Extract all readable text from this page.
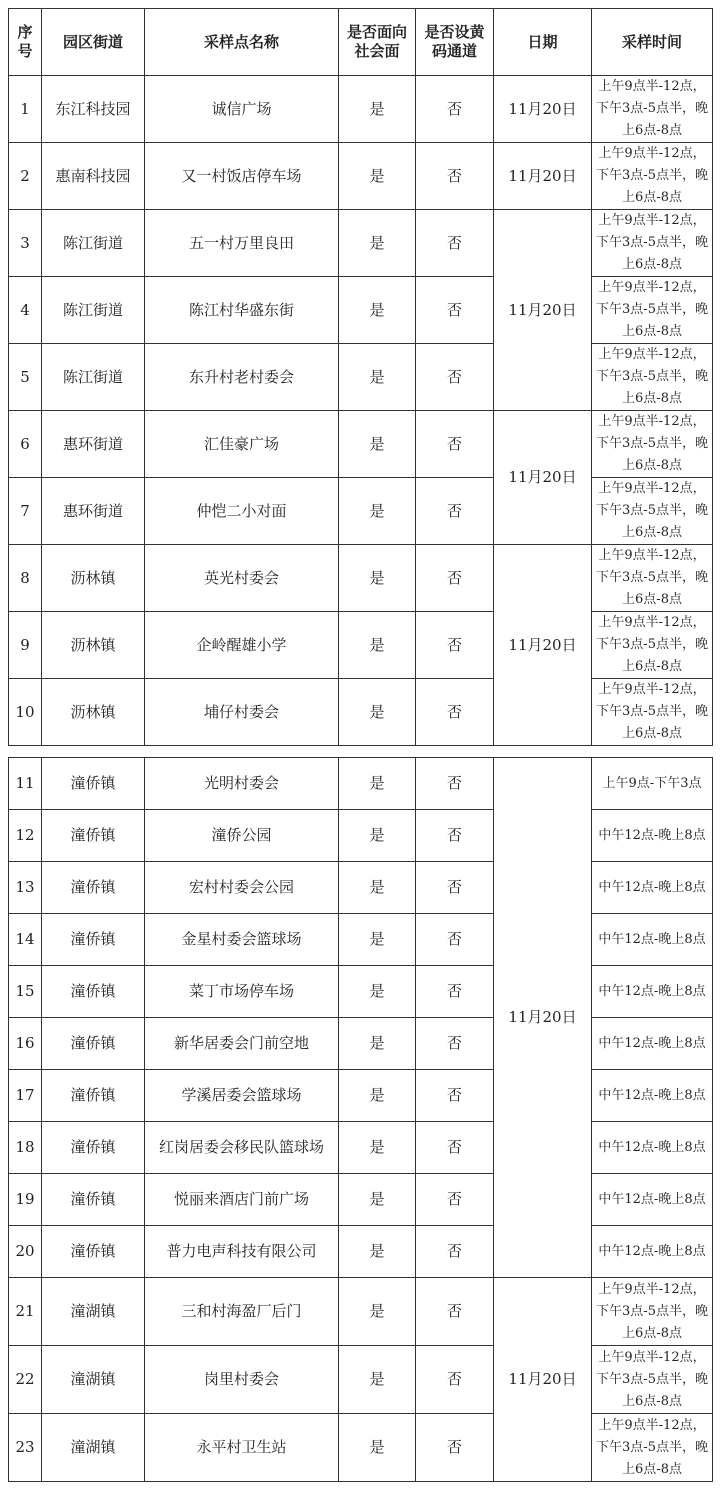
序号	园区街道	采样点名称	是否面向社会面	是否设黄码通道	日期	采样时间
1	东江科技园	诚信广场	是	否	11月20日	上午9点半-12点，下午3点-5点半，晚上6点-8点
2	惠南科技园	又一村饭店停车场	是	否	11月20日	上午9点半-12点，下午3点-5点半，晚上6点-8点
3	陈江街道	五一村万里良田	是	否	11月20日	上午9点半-12点，下午3点-5点半，晚上6点-8点
4	陈江街道	陈江村华盛东街	是	否		上午9点半-12点，下午3点-5点半，晚上6点-8点
5	陈江街道	东升村老村委会	是	否		上午9点半-12点，下午3点-5点半，晚上6点-8点
6	惠环街道	汇佳豪广场	是	否	11月20日	上午9点半-12点，下午3点-5点半，晚上6点-8点
7	惠环街道	仲恺二小对面	是	否		上午9点半-12点，下午3点-5点半，晚上6点-8点
8	沥林镇	英光村委会	是	否	11月20日	上午9点半-12点，下午3点-5点半，晚上6点-8点
9	沥林镇	企岭醒雄小学	是	否		上午9点半-12点，下午3点-5点半，晚上6点-8点
10	沥林镇	埔仔村委会	是	否		上午9点半-12点，下午3点-5点半，晚上6点-8点
11	潼侨镇	光明村委会	是	否	11月20日	上午9点-下午3点
12	潼侨镇	潼侨公园	是	否		中午12点-晚上8点
13	潼侨镇	宏村村委会公园	是	否		中午12点-晚上8点
14	潼侨镇	金星村委会篮球场	是	否		中午12点-晚上8点
15	潼侨镇	菜丁市场停车场	是	否		中午12点-晚上8点
16	潼侨镇	新华居委会门前空地	是	否		中午12点-晚上8点
17	潼侨镇	学溪居委会篮球场	是	否		中午12点-晚上8点
18	潼侨镇	红岗居委会移民队篮球场	是	否		中午12点-晚上8点
19	潼侨镇	悦丽来酒店门前广场	是	否		中午12点-晚上8点
20	潼侨镇	普力电声科技有限公司	是	否		中午12点-晚上8点
21	潼湖镇	三和村海盈厂后门	是	否	11月20日	上午9点半-12点，下午3点-5点半，晚上6点-8点
22	潼湖镇	岗里村委会	是	否		上午9点半-12点，下午3点-5点半，晚上6点-8点
23	潼湖镇	永平村卫生站	是	否		上午9点半-12点，下午3点-5点半，晚上6点-8点
